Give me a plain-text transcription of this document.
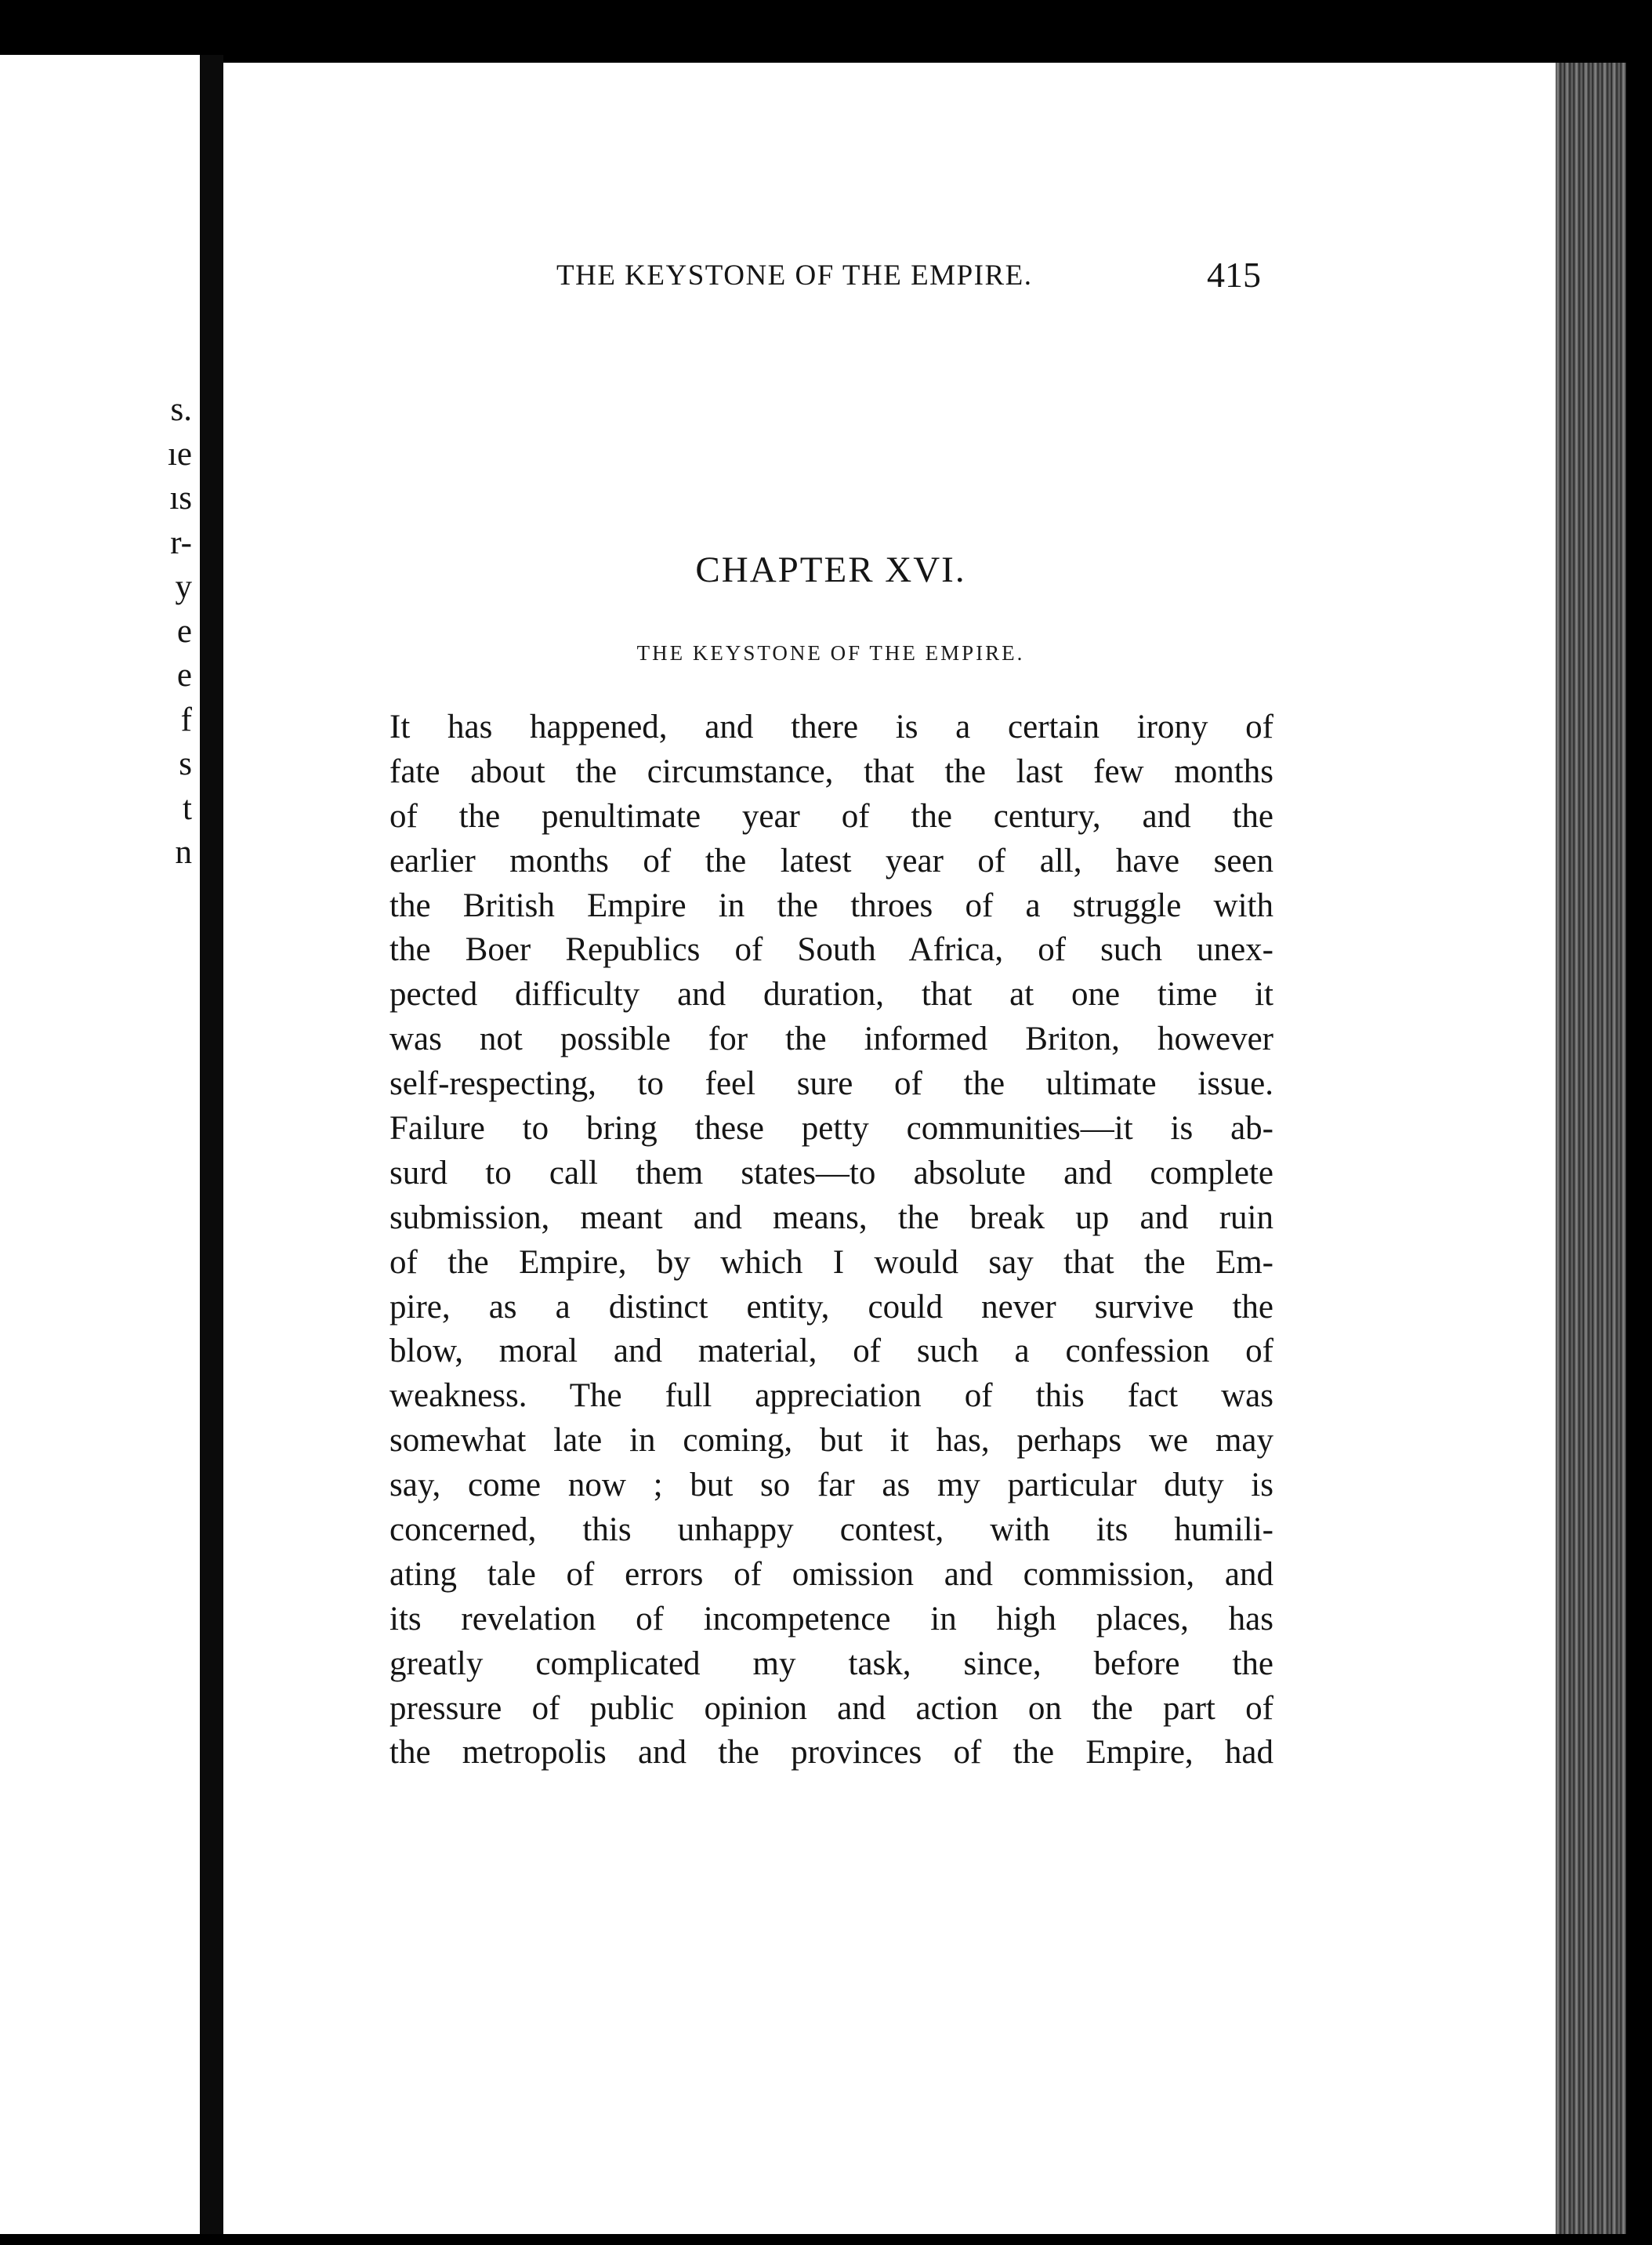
s.
ıe
ıs
r-
y
e
e
f
s
t
n
THE KEYSTONE OF THE EMPIRE.	415
CHAPTER XVI.
THE KEYSTONE OF THE EMPIRE.
It has happened, and there is a certain irony of
fate about the circumstance, that the last few months
of the penultimate year of the century, and the
earlier months of the latest year of all, have seen
the British Empire in the throes of a struggle with
the Boer Republics of South Africa, of such unex-
pected difficulty and duration, that at one time it
was not possible for the informed Briton, however
self-respecting, to feel sure of the ultimate issue.
Failure to bring these petty communities—it is ab-
surd to call them states—to absolute and complete
submission, meant and means, the break up and ruin
of the Empire, by which I would say that the Em-
pire, as a distinct entity, could never survive the
blow, moral and material, of such a confession of
weakness. The full appreciation of this fact was
somewhat late in coming, but it has, perhaps we may
say, come now ; but so far as my particular duty is
concerned, this unhappy contest, with its humili-
ating tale of errors of omission and commission, and
its revelation of incompetence in high places, has
greatly complicated my task, since, before the
pressure of public opinion and action on the part of
the metropolis and the provinces of the Empire, had
